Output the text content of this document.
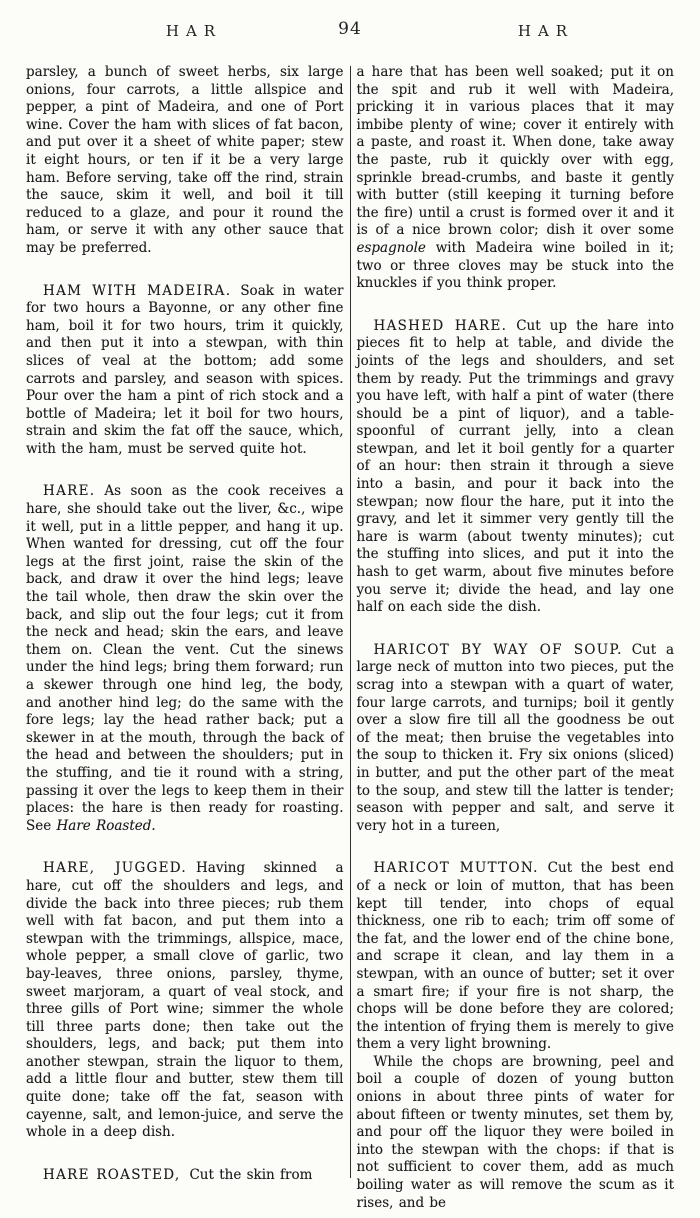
HAR	94	HAR

parsley, a bunch of sweet herbs, six large onions, four carrots, a little allspice and pepper, a pint of Madeira, and one of Port wine. Cover the ham with slices of fat bacon, and put over it a sheet of white paper; stew it eight hours, or ten if it be a very large ham. Before serving, take off the rind, strain the sauce, skim it well, and boil it till reduced to a glaze, and pour it round the ham, or serve it with any other sauce that may be preferred.

HAM WITH MADEIRA. Soak in water for two hours a Bayonne, or any other fine ham, boil it for two hours, trim it quickly, and then put it into a stewpan, with thin slices of veal at the bottom; add some carrots and parsley, and season with spices. Pour over the ham a pint of rich stock and a bottle of Madeira; let it boil for two hours, strain and skim the fat off the sauce, which, with the ham, must be served quite hot.

HARE. As soon as the cook receives a hare, she should take out the liver, &c., wipe it well, put in a little pepper, and hang it up. When wanted for dressing, cut off the four legs at the first joint, raise the skin of the back, and draw it over the hind legs; leave the tail whole, then draw the skin over the back, and slip out the four legs; cut it from the neck and head; skin the ears, and leave them on. Clean the vent. Cut the sinews under the hind legs; bring them forward; run a skewer through one hind leg, the body, and another hind leg; do the same with the fore legs; lay the head rather back; put a skewer in at the mouth, through the back of the head and between the shoulders; put in the stuffing, and tie it round with a string, passing it over the legs to keep them in their places: the hare is then ready for roasting. See Hare Roasted.

HARE, JUGGED. Having skinned a hare, cut off the shoulders and legs, and divide the back into three pieces; rub them well with fat bacon, and put them into a stewpan with the trimmings, allspice, mace, whole pepper, a small clove of garlic, two bay-leaves, three onions, parsley, thyme, sweet marjoram, a quart of veal stock, and three gills of Port wine; simmer the whole till three parts done; then take out the shoulders, legs, and back; put them into another stewpan, strain the liquor to them, add a little flour and butter, stew them till quite done; take off the fat, season with cayenne, salt, and lemon-juice, and serve the whole in a deep dish.

HARE ROASTED, Cut the skin from

a hare that has been well soaked; put it on the spit and rub it well with Madeira, pricking it in various places that it may imbibe plenty of wine; cover it entirely with a paste, and roast it. When done, take away the paste, rub it quickly over with egg, sprinkle bread-crumbs, and baste it gently with butter (still keeping it turning before the fire) until a crust is formed over it and it is of a nice brown color; dish it over some espagnole with Madeira wine boiled in it; two or three cloves may be stuck into the knuckles if you think proper.

HASHED HARE. Cut up the hare into pieces fit to help at table, and divide the joints of the legs and shoulders, and set them by ready. Put the trimmings and gravy you have left, with half a pint of water (there should be a pint of liquor), and a table-spoonful of currant jelly, into a clean stewpan, and let it boil gently for a quarter of an hour: then strain it through a sieve into a basin, and pour it back into the stewpan; now flour the hare, put it into the gravy, and let it simmer very gently till the hare is warm (about twenty minutes); cut the stuffing into slices, and put it into the hash to get warm, about five minutes before you serve it; divide the head, and lay one half on each side the dish.

HARICOT BY WAY OF SOUP. Cut a large neck of mutton into two pieces, put the scrag into a stewpan with a quart of water, four large carrots, and turnips; boil it gently over a slow fire till all the goodness be out of the meat; then bruise the vegetables into the soup to thicken it. Fry six onions (sliced) in butter, and put the other part of the meat to the soup, and stew till the latter is tender; season with pepper and salt, and serve it very hot in a tureen,

HARICOT MUTTON. Cut the best end of a neck or loin of mutton, that has been kept till tender, into chops of equal thickness, one rib to each; trim off some of the fat, and the lower end of the chine bone, and scrape it clean, and lay them in a stewpan, with an ounce of butter; set it over a smart fire; if your fire is not sharp, the chops will be done before they are colored; the intention of frying them is merely to give them a very light browning.

While the chops are browning, peel and boil a couple of dozen of young button onions in about three pints of water for about fifteen or twenty minutes, set them by, and pour off the liquor they were boiled in into the stewpan with the chops: if that is not sufficient to cover them, add as much boiling water as will remove the scum as it rises, and be
